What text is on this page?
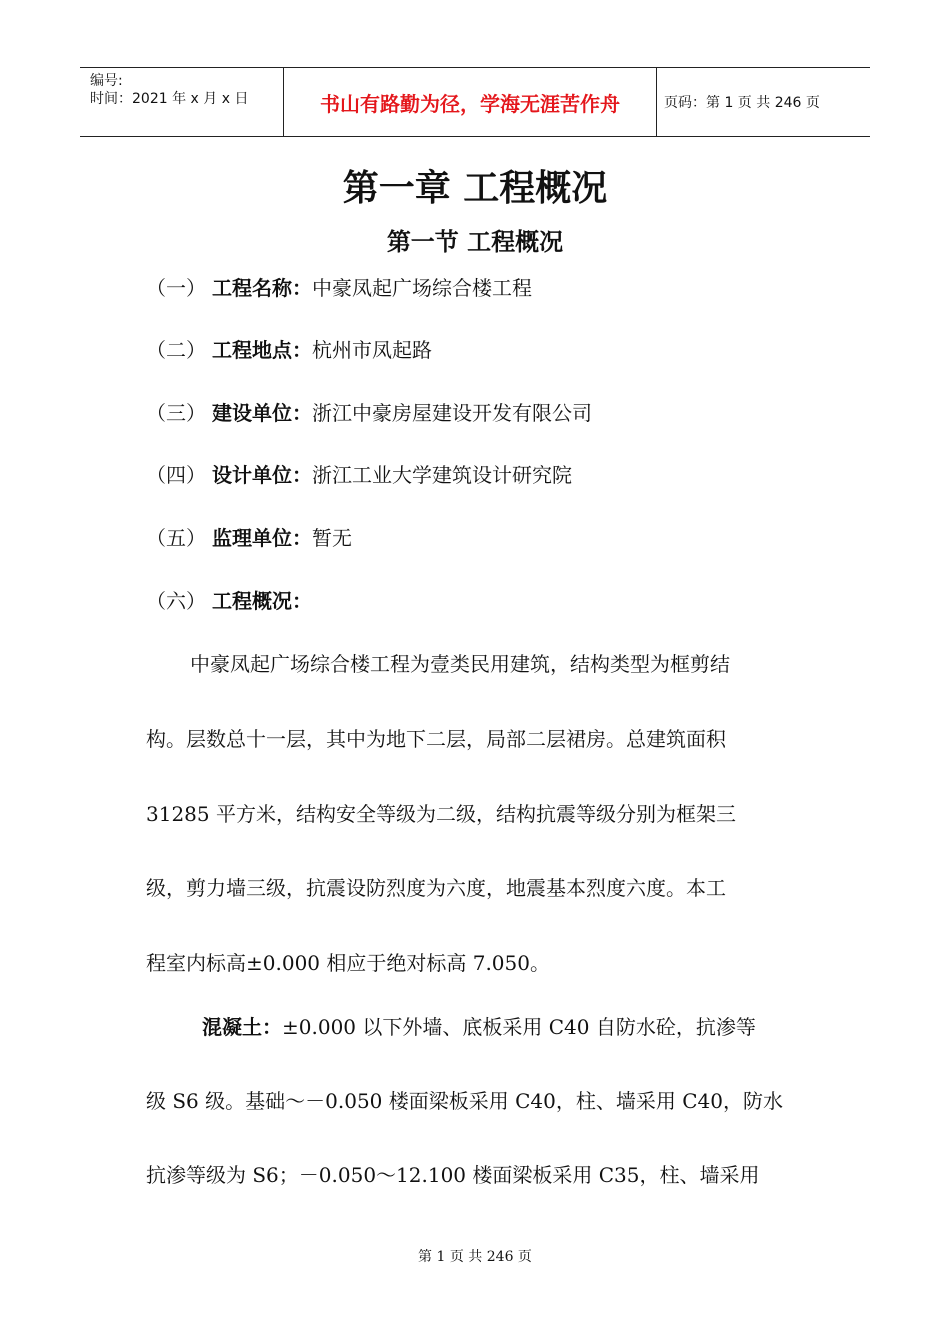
编号:
时间：2021 年 x 月 x 日	书山有路勤为径，学海无涯苦作舟	页码：第 1 页 共 246 页
第一章 工程概况
第一节 工程概况
（一） 工程名称：中豪凤起广场综合楼工程
（二） 工程地点：杭州市凤起路
（三） 建设单位：浙江中豪房屋建设开发有限公司
（四） 设计单位：浙江工业大学建筑设计研究院
（五） 监理单位：暂无
（六） 工程概况：
中豪凤起广场综合楼工程为壹类民用建筑，结构类型为框剪结
构。层数总十一层，其中为地下二层，局部二层裙房。总建筑面积
31285 平方米，结构安全等级为二级，结构抗震等级分别为框架三
级，剪力墙三级，抗震设防烈度为六度，地震基本烈度六度。本工
程室内标高±0.000 相应于绝对标高 7.050。
混凝土：±0.000 以下外墙、底板采用 C40 自防水砼，抗渗等
级 S6 级。基础～－0.050 楼面梁板采用 C40，柱、墙采用 C40，防水
抗渗等级为 S6；－0.050～12.100 楼面梁板采用 C35，柱、墙采用
第 1 页 共 246 页
